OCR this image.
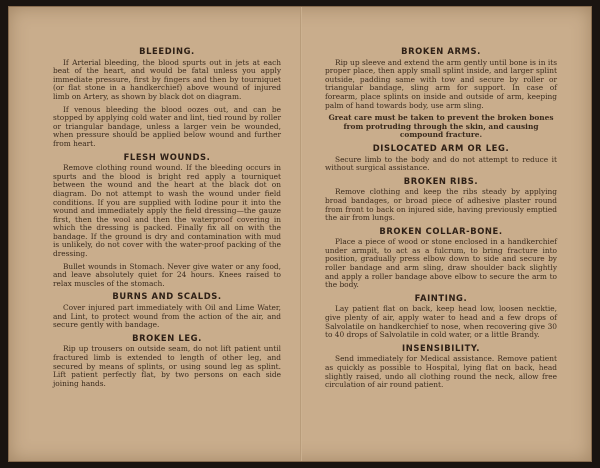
BLEEDING.

If Arterial bleeding, the blood spurts out in jets at each beat of the heart, and would be fatal unless you apply immediate pressure, first by fingers and then by tourniquet (or flat stone in a handkerchief) above wound of injured limb on Artery, as shown by black dot on diagram.

If venous bleeding the blood oozes out, and can be stopped by applying cold water and lint, tied round by roller or triangular bandage, unless a larger vein be wounded, when pressure should be applied below wound and further from heart.

FLESH WOUNDS.

Remove clothing round wound. If the bleeding occurs in spurts and the blood is bright red apply a tourniquet between the wound and the heart at the black dot on diagram. Do not attempt to wash the wound under field conditions. If you are supplied with Iodine pour it into the wound and immediately apply the field dressing—the gauze first, then the wool and then the waterproof covering in which the dressing is packed. Finally fix all on with the bandage. If the ground is dry and contamination with mud is unlikely, do not cover with the water-proof packing of the dressing.

Bullet wounds in Stomach. Never give water or any food, and leave absolutely quiet for 24 hours. Knees raised to relax muscles of the stomach.

BURNS AND SCALDS.

Cover injured part immediately with Oil and Lime Water, and Lint, to protect wound from the action of the air, and secure gently with bandage.

BROKEN LEG.

Rip up trousers on outside seam, do not lift patient until fractured limb is extended to length of other leg, and secured by means of splints, or using sound leg as splint. Lift patient perfectly flat, by two persons on each side joining hands.

BROKEN ARMS.

Rip up sleeve and extend the arm gently until bone is in its proper place, then apply small splint inside, and larger splint outside, padding same with tow and secure by roller or triangular bandage, sling arm for support. In case of forearm, place splints on inside and outside of arm, keeping palm of hand towards body, use arm sling.

Great care must be taken to prevent the broken bones from protruding through the skin, and causing compound fracture.

DISLOCATED ARM OR LEG.

Secure limb to the body and do not attempt to reduce it without surgical assistance.

BROKEN RIBS.

Remove clothing and keep the ribs steady by applying broad bandages, or broad piece of adhesive plaster round from front to back on injured side, having previously emptied the air from lungs.

BROKEN COLLAR-BONE.

Place a piece of wood or stone enclosed in a handkerchief under armpit, to act as a fulcrum, to bring fracture into position, gradually press elbow down to side and secure by roller bandage and arm sling, draw shoulder back slightly and apply a roller bandage above elbow to secure the arm to the body.

FAINTING.

Lay patient flat on back, keep head low, loosen necktie, give plenty of air, apply water to head and a few drops of Salvolatile on handkerchief to nose, when recovering give 30 to 40 drops of Salvolatile in cold water, or a little Brandy.

INSENSIBILITY.

Send immediately for Medical assistance. Remove patient as quickly as possible to Hospital, lying flat on back, head slightly raised, undo all clothing round the neck, allow free circulation of air round patient.
